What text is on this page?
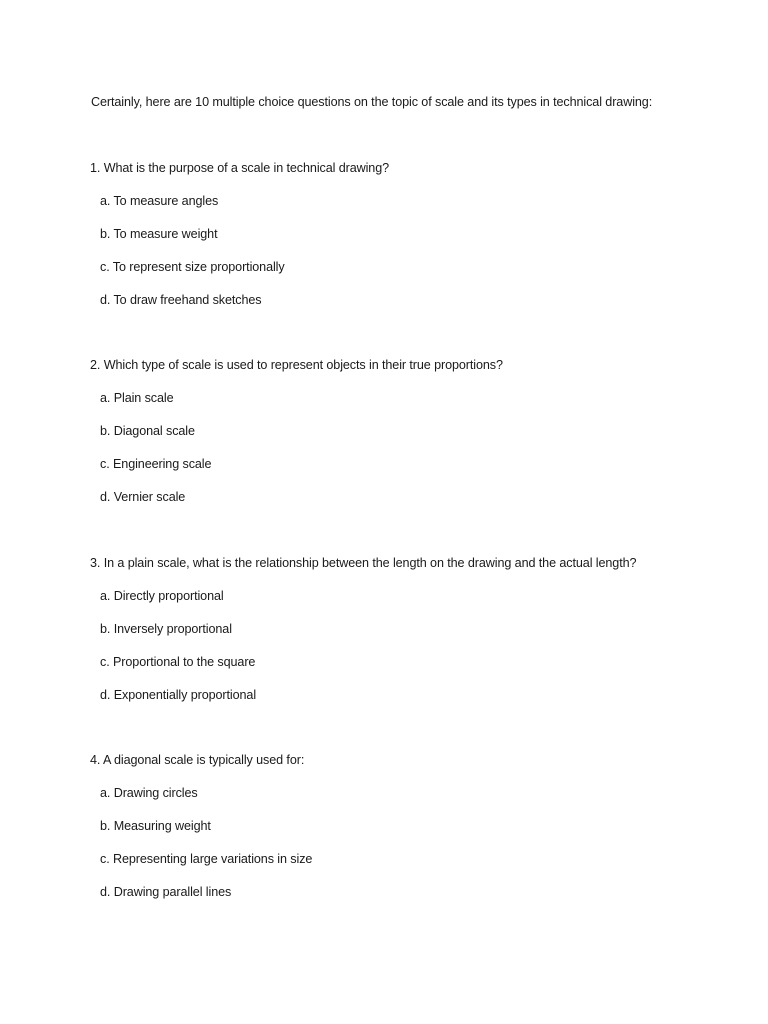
Certainly, here are 10 multiple choice questions on the topic of scale and its types in technical drawing:
1. What is the purpose of a scale in technical drawing?
a. To measure angles
b. To measure weight
c. To represent size proportionally
d. To draw freehand sketches
2. Which type of scale is used to represent objects in their true proportions?
a. Plain scale
b. Diagonal scale
c. Engineering scale
d. Vernier scale
3. In a plain scale, what is the relationship between the length on the drawing and the actual length?
a. Directly proportional
b. Inversely proportional
c. Proportional to the square
d. Exponentially proportional
4. A diagonal scale is typically used for:
a. Drawing circles
b. Measuring weight
c. Representing large variations in size
d. Drawing parallel lines
